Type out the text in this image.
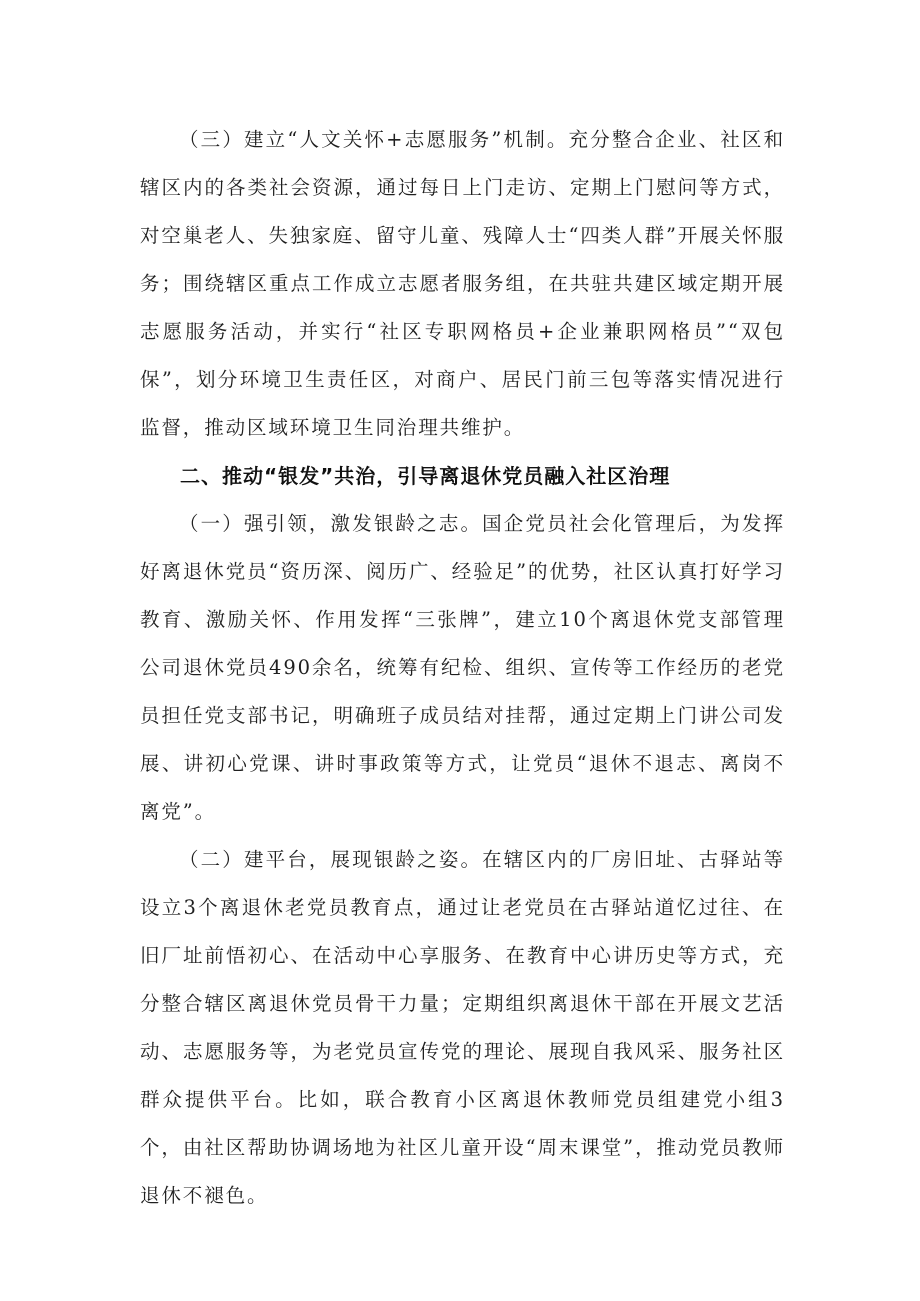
（三）建立“人文关怀+志愿服务”机制。充分整合企业、社区和辖区内的各类社会资源，通过每日上门走访、定期上门慰问等方式，对空巢老人、失独家庭、留守儿童、残障人士“四类人群”开展关怀服务；围绕辖区重点工作成立志愿者服务组，在共驻共建区域定期开展志愿服务活动，并实行“社区专职网格员+企业兼职网格员”“双包保”，划分环境卫生责任区，对商户、居民门前三包等落实情况进行监督，推动区域环境卫生同治理共维护。

二、推动“银发”共治，引导离退休党员融入社区治理

（一）强引领，激发银龄之志。国企党员社会化管理后，为发挥好离退休党员“资历深、阅历广、经验足”的优势，社区认真打好学习教育、激励关怀、作用发挥“三张牌”，建立10个离退休党支部管理公司退休党员490余名，统筹有纪检、组织、宣传等工作经历的老党员担任党支部书记，明确班子成员结对挂帮，通过定期上门讲公司发展、讲初心党课、讲时事政策等方式，让党员“退休不退志、离岗不离党”。

（二）建平台，展现银龄之姿。在辖区内的厂房旧址、古驿站等设立3个离退休老党员教育点，通过让老党员在古驿站道忆过往、在旧厂址前悟初心、在活动中心享服务、在教育中心讲历史等方式，充分整合辖区离退休党员骨干力量；定期组织离退休干部在开展文艺活动、志愿服务等，为老党员宣传党的理论、展现自我风采、服务社区群众提供平台。比如，联合教育小区离退休教师党员组建党小组3个，由社区帮助协调场地为社区儿童开设“周末课堂”，推动党员教师退休不褪色。
